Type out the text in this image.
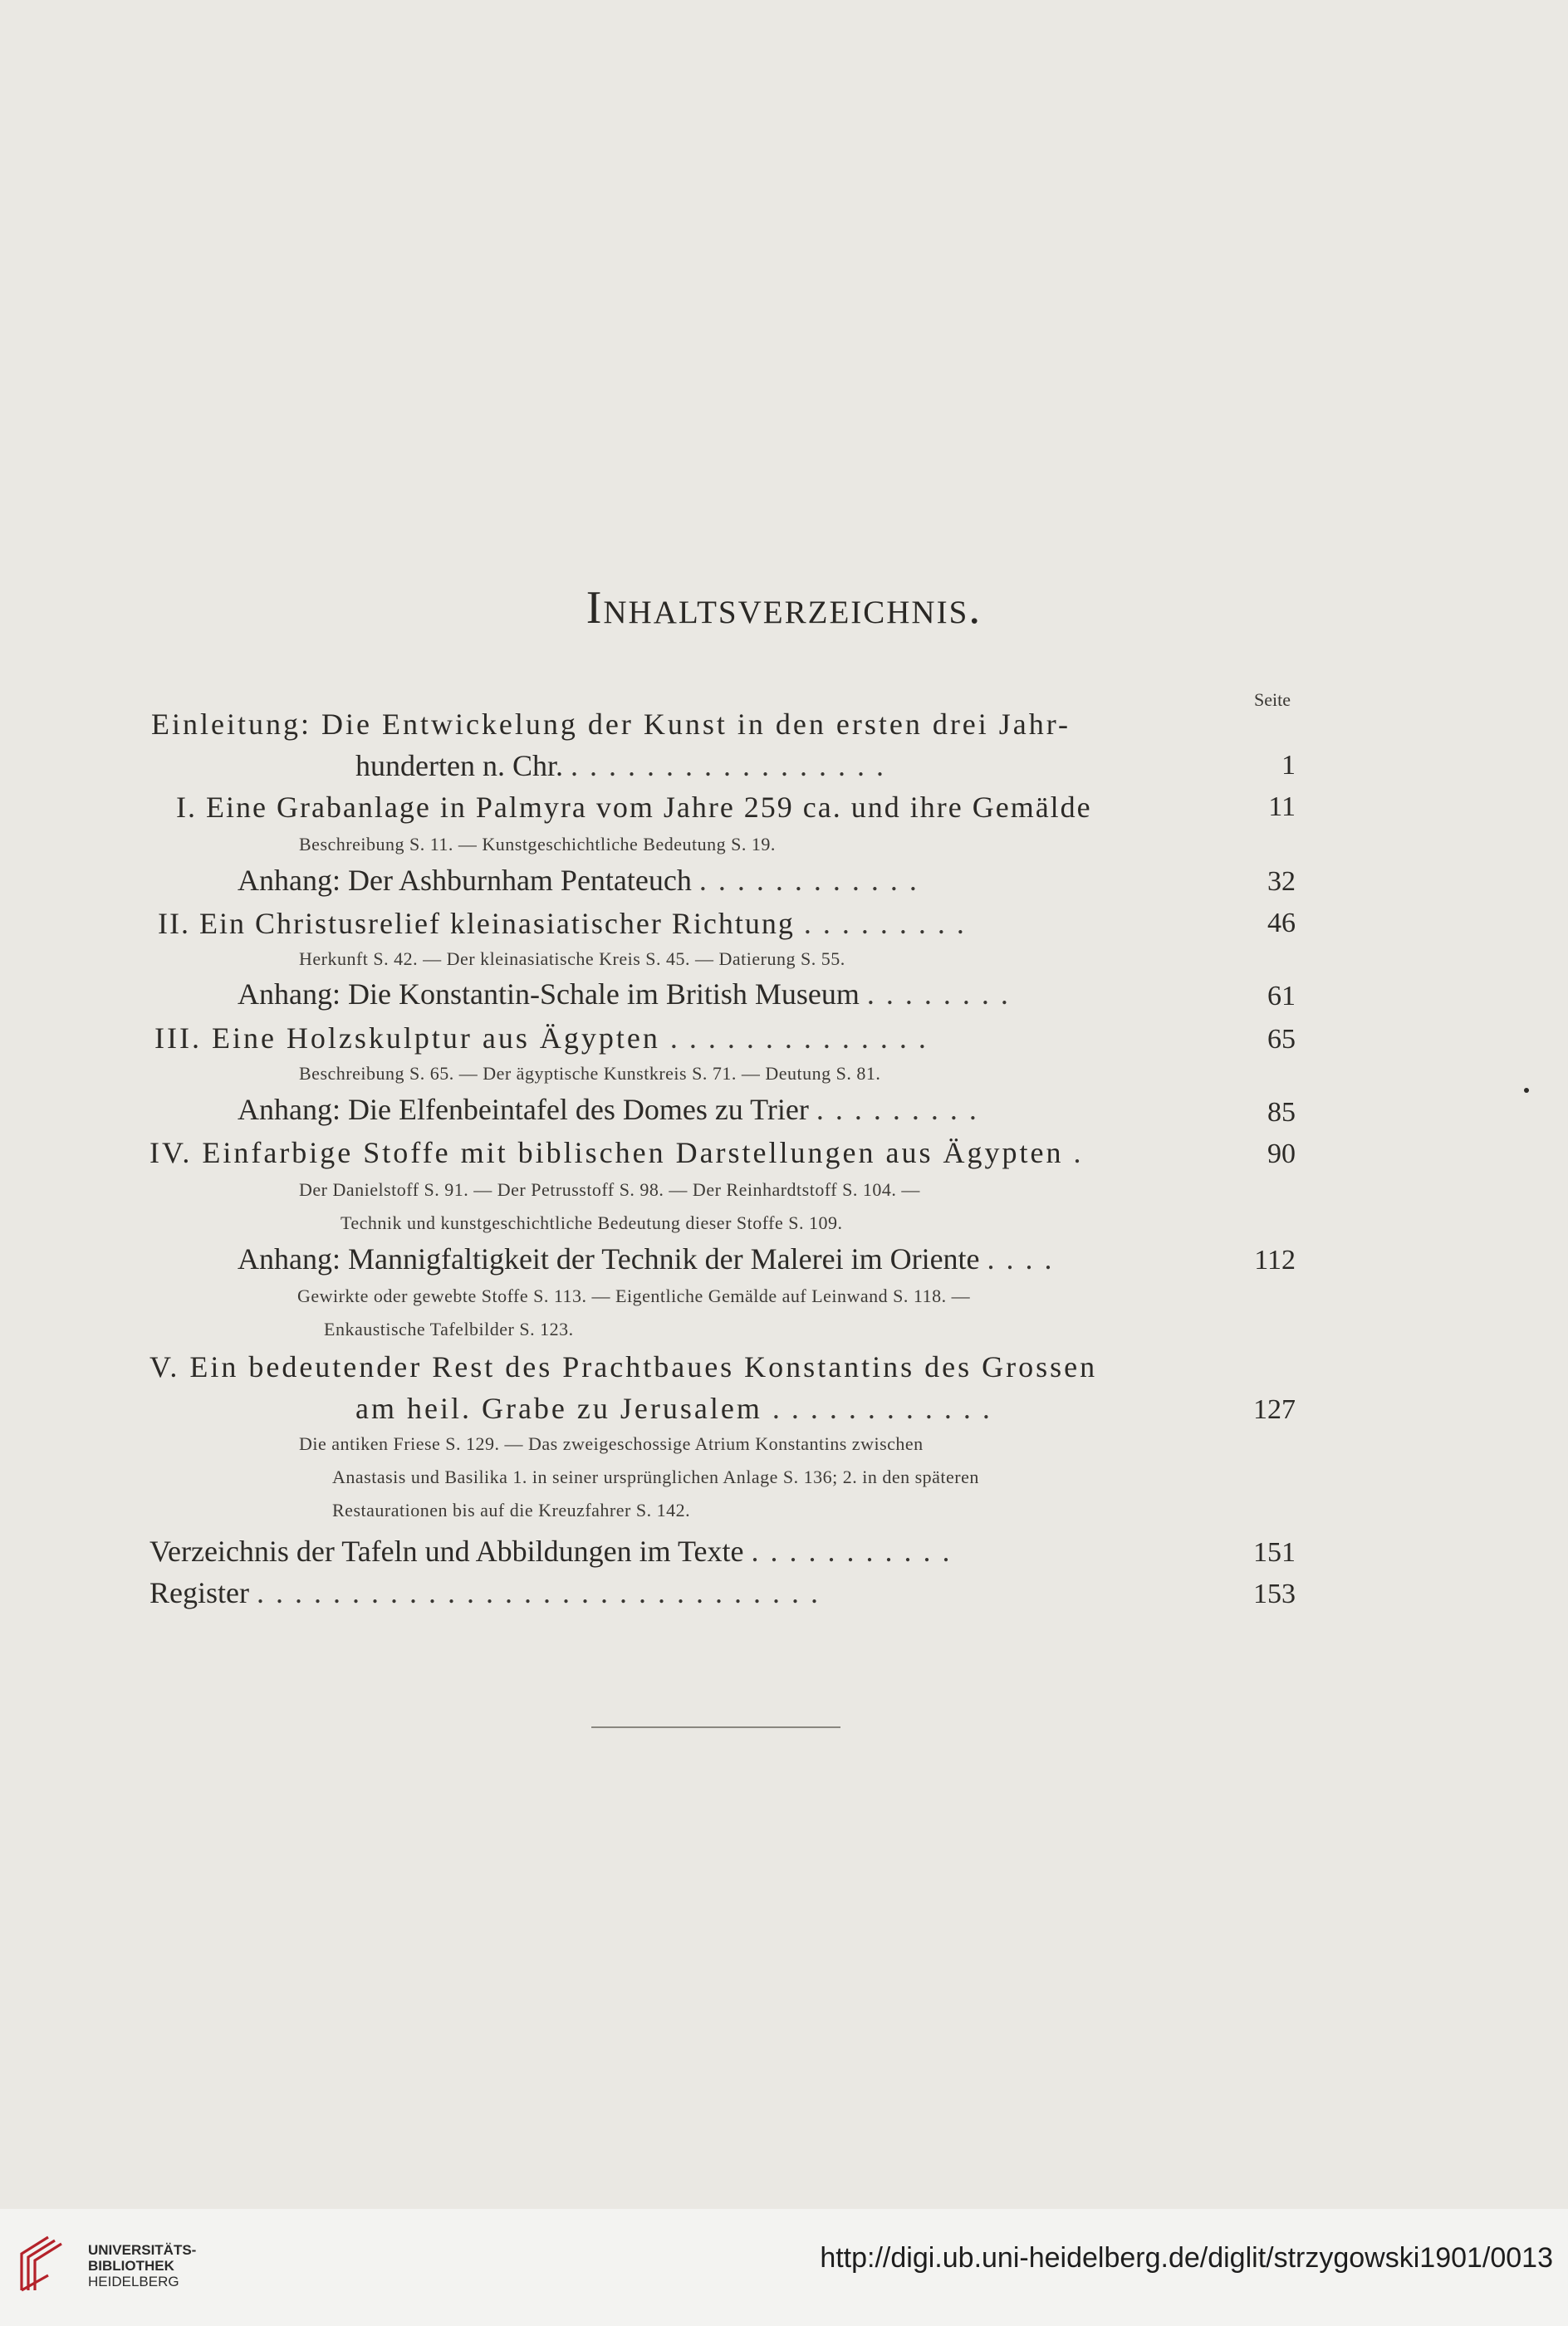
Inhaltsverzeichnis.
Seite
Einleitung: Die Entwickelung der Kunst in den ersten drei Jahr-
hunderten n. Chr. .................	1
I. Eine Grabanlage in Palmyra vom Jahre 259 ca. und ihre Gemälde	11
Beschreibung S. 11. — Kunstgeschichtliche Bedeutung S. 19.
Anhang: Der Ashburnham Pentateuch ............	32
II. Ein Christusrelief kleinasiatischer Richtung .........	46
Herkunft S. 42. — Der kleinasiatische Kreis S. 45. — Datierung S. 55.
Anhang: Die Konstantin-Schale im British Museum ........	61
III. Eine Holzskulptur aus Ägypten ..............	65
Beschreibung S. 65. — Der ägyptische Kunstkreis S. 71. — Deutung S. 81.
Anhang: Die Elfenbeintafel des Domes zu Trier .........	85
IV. Einfarbige Stoffe mit biblischen Darstellungen aus Ägypten .	90
Der Danielstoff S. 91. — Der Petrusstoff S. 98. — Der Reinhardtstoff S. 104. —
Technik und kunstgeschichtliche Bedeutung dieser Stoffe S. 109.
Anhang: Mannigfaltigkeit der Technik der Malerei im Oriente ....	112
Gewirkte oder gewebte Stoffe S. 113. — Eigentliche Gemälde auf Leinwand S. 118. —
Enkaustische Tafelbilder S. 123.
V. Ein bedeutender Rest des Prachtbaues Konstantins des Grossen
am heil. Grabe zu Jerusalem ............	127
Die antiken Friese S. 129. — Das zweigeschossige Atrium Konstantins zwischen
Anastasis und Basilika 1. in seiner ursprünglichen Anlage S. 136; 2. in den späteren
Restaurationen bis auf die Kreuzfahrer S. 142.
Verzeichnis der Tafeln und Abbildungen im Texte ...........	151
Register ..............................	153
UNIVERSITÄTS-
BIBLIOTHEK
HEIDELBERG
http://digi.ub.uni-heidelberg.de/diglit/strzygowski1901/0013
